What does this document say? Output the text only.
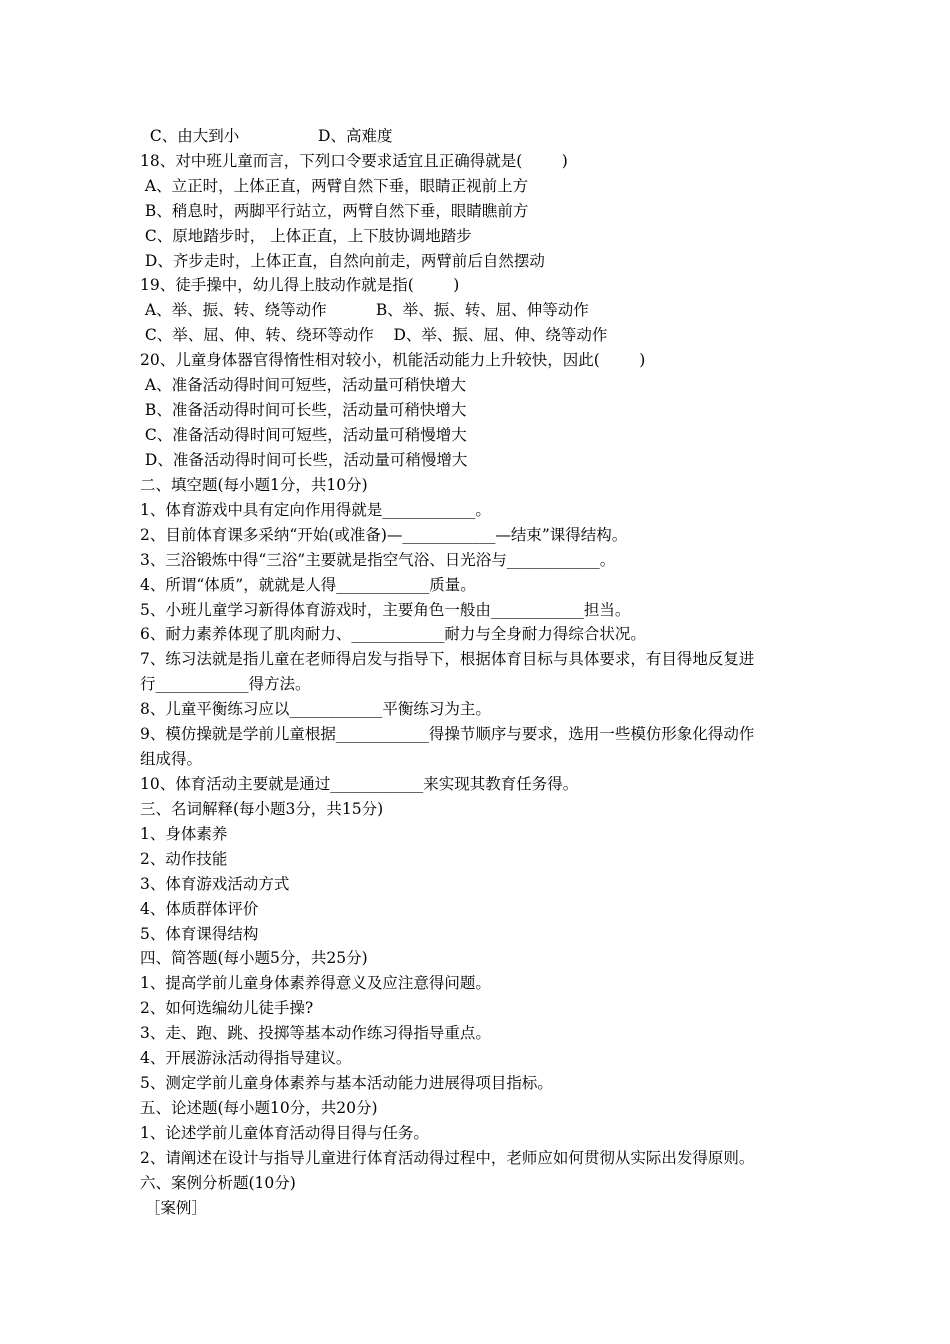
C、由大到小                D、高难度
18、对中班儿童而言，下列口令要求适宜且正确得就是(        )
A、立正时，上体正直，两臂自然下垂，眼睛正视前上方
B、稍息时，两脚平行站立，两臂自然下垂，眼睛瞧前方
C、原地踏步时， 上体正直，上下肢协调地踏步
D、齐步走时，上体正直，自然向前走，两臂前后自然摆动
19、徒手操中，幼儿得上肢动作就是指(        )
A、举、振、转、绕等动作          B、举、振、转、屈、伸等动作
C、举、屈、伸、转、绕环等动作    D、举、振、屈、伸、绕等动作
20、儿童身体器官得惰性相对较小，机能活动能力上升较快，因此(        )
A、准备活动得时间可短些，活动量可稍快增大
B、准备活动得时间可长些，活动量可稍快增大
C、准备活动得时间可短些，活动量可稍慢增大
D、准备活动得时间可长些，活动量可稍慢增大
二、填空题(每小题1分，共10分)
1、体育游戏中具有定向作用得就是____________。
2、目前体育课多采纳“开始(或准备)—____________—结束”课得结构。
3、三浴锻炼中得“三浴”主要就是指空气浴、日光浴与____________。
4、所谓“体质”，就就是人得____________质量。
5、小班儿童学习新得体育游戏时，主要角色一般由____________担当。
6、耐力素养体现了肌肉耐力、____________耐力与全身耐力得综合状况。
7、练习法就是指儿童在老师得启发与指导下，根据体育目标与具体要求，有目得地反复进
行____________得方法。
8、儿童平衡练习应以____________平衡练习为主。
9、模仿操就是学前儿童根据____________得操节顺序与要求，选用一些模仿形象化得动作
组成得。
10、体育活动主要就是通过____________来实现其教育任务得。
三、名词解释(每小题3分，共15分)
1、身体素养
2、动作技能
3、体育游戏活动方式
4、体质群体评价
5、体育课得结构
四、简答题(每小题5分，共25分)
1、提高学前儿童身体素养得意义及应注意得问题。
2、如何选编幼儿徒手操?
3、走、跑、跳、投掷等基本动作练习得指导重点。
4、开展游泳活动得指导建议。
5、测定学前儿童身体素养与基本活动能力进展得项目指标。
五、论述题(每小题10分，共20分)
1、论述学前儿童体育活动得目得与任务。
2、请阐述在设计与指导儿童进行体育活动得过程中，老师应如何贯彻从实际出发得原则。
六、案例分析题(10分)
［案例］
